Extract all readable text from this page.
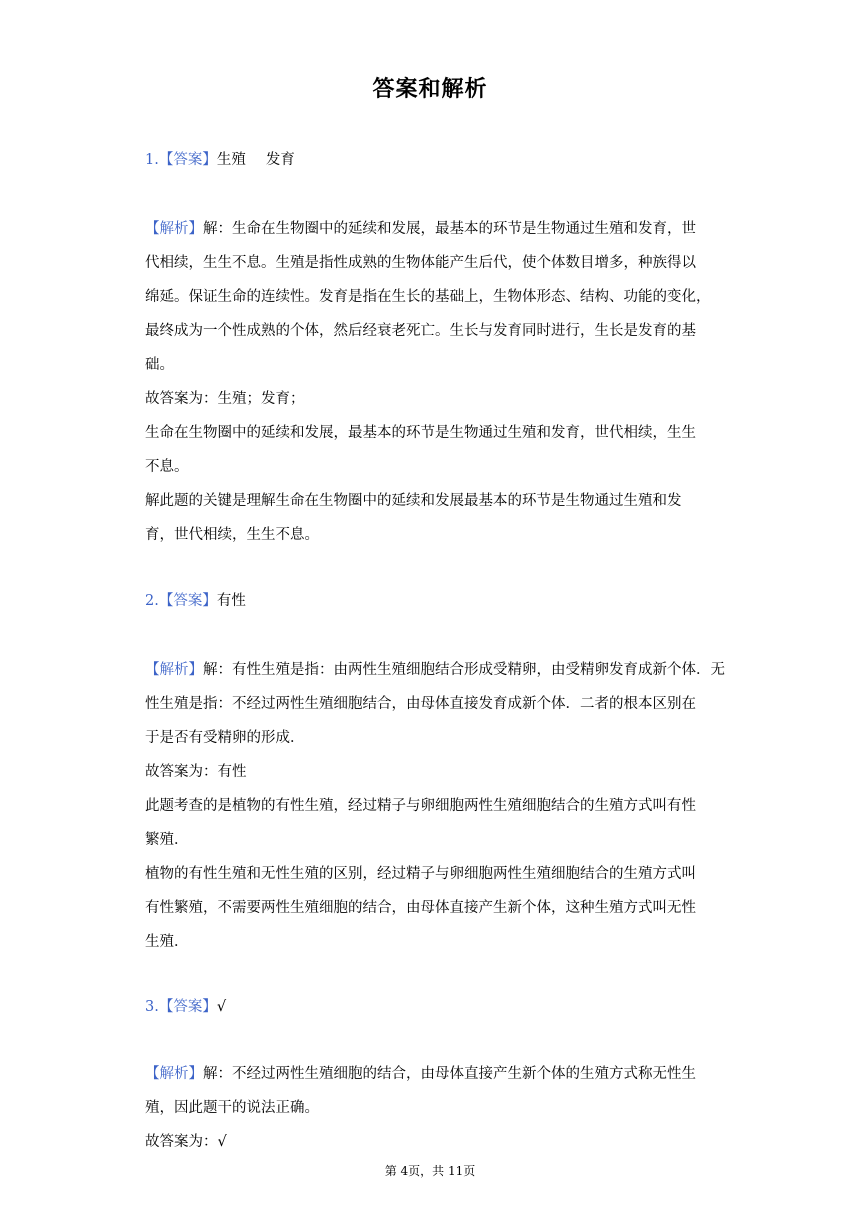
答案和解析
1.【答案】生殖 发育
【解析】解：生命在生物圈中的延续和发展，最基本的环节是生物通过生殖和发育，世
代相续，生生不息。生殖是指性成熟的生物体能产生后代，使个体数目增多，种族得以
绵延。保证生命的连续性。发育是指在生长的基础上，生物体形态、结构、功能的变化，
最终成为一个性成熟的个体，然后经衰老死亡。生长与发育同时进行，生长是发育的基
础。
故答案为：生殖；发育；
生命在生物圈中的延续和发展，最基本的环节是生物通过生殖和发育，世代相续，生生
不息。
解此题的关键是理解生命在生物圈中的延续和发展最基本的环节是生物通过生殖和发
育，世代相续，生生不息。
2.【答案】有性
【解析】解：有性生殖是指：由两性生殖细胞结合形成受精卵，由受精卵发育成新个体．无
性生殖是指：不经过两性生殖细胞结合，由母体直接发育成新个体．二者的根本区别在
于是否有受精卵的形成．
故答案为：有性
此题考查的是植物的有性生殖，经过精子与卵细胞两性生殖细胞结合的生殖方式叫有性
繁殖．
植物的有性生殖和无性生殖的区别，经过精子与卵细胞两性生殖细胞结合的生殖方式叫
有性繁殖，不需要两性生殖细胞的结合，由母体直接产生新个体，这种生殖方式叫无性
生殖．
3.【答案】√
【解析】解：不经过两性生殖细胞的结合，由母体直接产生新个体的生殖方式称无性生
殖，因此题干的说法正确。
故答案为：√
第 4页，共 11页
